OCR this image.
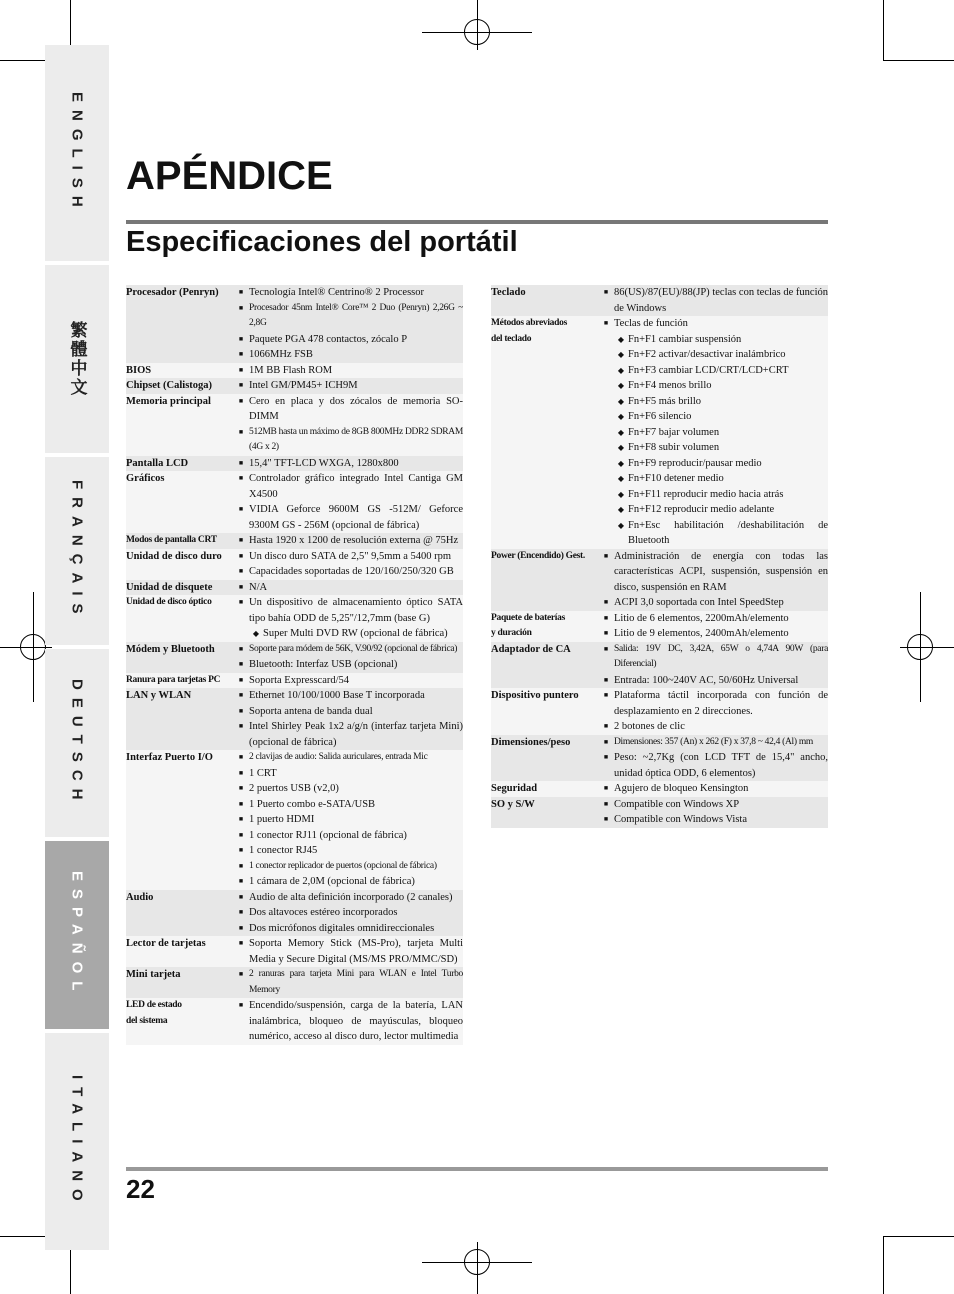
ENGLISH
繁體中文
FRANÇAIS
DEUTSCH
ESPAÑOL
ITALIANO
APÉNDICE
Especificaciones del portátil
Procesador (Penryn)	■ Tecnología Intel® Centrino® 2 Processor
■ Procesador 45nm Intel® Core™ 2 Duo (Penryn) 2,26G ~ 2,8G
■ Paquete PGA 478 contactos, zócalo P
■ 1066MHz FSB
BIOS	■ 1M BB Flash ROM
Chipset (Calistoga)	■ Intel GM/PM45+ ICH9M
Memoria principal	■ Cero en placa y dos zócalos de memoria SO-DIMM
■ 512MB hasta un máximo de 8GB 800MHz DDR2 SDRAM (4G x 2)
Pantalla LCD	■ 15,4" TFT-LCD WXGA, 1280x800
Gráficos	■ Controlador gráfico integrado Intel Cantiga GM X4500
■ VIDIA Geforce 9600M GS -512M/ Geforce 9300M GS - 256M (opcional de fábrica)
Modos de pantalla CRT	■ Hasta 1920 x 1200 de resolución externa @ 75Hz
Unidad de disco duro	■ Un disco duro SATA de 2,5" 9,5mm a 5400 rpm
■ Capacidades soportadas de 120/160/250/320 GB
Unidad de disquete	■ N/A
Unidad de disco óptico	■ Un dispositivo de almacenamiento óptico SATA tipo bahía ODD de 5,25"/12,7mm (base G)
◆ Super Multi DVD RW (opcional de fábrica)
Módem y Bluetooth	■ Soporte para módem de 56K, V.90/92 (opcional de fábrica)
■ Bluetooth: Interfaz USB (opcional)
Ranura para tarjetas PC	■ Soporta Expresscard/54
LAN y WLAN	■ Ethernet 10/100/1000 Base T incorporada
■ Soporta antena de banda dual
■ Intel Shirley Peak 1x2 a/g/n (interfaz tarjeta Mini) (opcional de fábrica)
Interfaz Puerto I/O	■ 2 clavijas de audio: Salida auriculares, entrada Mic
■ 1 CRT
■ 2 puertos USB (v2,0)
■ 1 Puerto combo e-SATA/USB
■ 1 puerto HDMI
■ 1 conector RJ11 (opcional de fábrica)
■ 1 conector RJ45
■ 1 conector replicador de puertos (opcional de fábrica)
■ 1 cámara de 2,0M (opcional de fábrica)
Audio	■ Audio de alta definición incorporado (2 canales)
■ Dos altavoces estéreo incorporados
■ Dos micrófonos digitales omnidireccionales
Lector de tarjetas	■ Soporta Memory Stick (MS-Pro), tarjeta Multi Media y Secure Digital (MS/MS PRO/MMC/SD)
Mini tarjeta	■ 2 ranuras para tarjeta Mini para WLAN e Intel Turbo Memory
LED de estado
del sistema
■ Encendido/suspensión, carga de la batería, LAN inalámbrica, bloqueo de mayúsculas, bloqueo numérico, acceso al disco duro, lector multimedia
Teclado	■ 86(US)/87(EU)/88(JP) teclas con teclas de función de Windows
Métodos abreviados
del teclado
■ Teclas de función
◆ Fn+F1 cambiar suspensión
◆ Fn+F2 activar/desactivar inalámbrico
◆ Fn+F3 cambiar LCD/CRT/LCD+CRT
◆ Fn+F4 menos brillo
◆ Fn+F5 más brillo
◆ Fn+F6 silencio
◆ Fn+F7 bajar volumen
◆ Fn+F8 subir volumen
◆ Fn+F9 reproducir/pausar medio
◆ Fn+F10 detener medio
◆ Fn+F11 reproducir medio hacia atrás
◆ Fn+F12 reproducir medio adelante
◆ Fn+Esc habilitación /deshabilitación de Bluetooth
Power (Encendido) Gest.	■ Administración de energía con todas las características ACPI, suspensión, suspensión en disco, suspensión en RAM
■ ACPI 3,0 soportada con Intel SpeedStep
Paquete de baterías
y duración
■ Litio de 6 elementos, 2200mAh/elemento
■ Litio de 9 elementos, 2400mAh/elemento
Adaptador de CA	■ Salida: 19V DC, 3,42A, 65W o 4,74A 90W (para Diferencial)
■ Entrada: 100~240V AC, 50/60Hz Universal
Dispositivo puntero	■ Plataforma táctil incorporada con función de desplazamiento en 2 direcciones.
■ 2 botones de clic
Dimensiones/peso	■ Dimensiones: 357 (An) x 262 (F) x 37,8 ~ 42,4 (Al) mm
■ Peso: ~2,7Kg (con LCD TFT de 15,4" ancho, unidad óptica ODD, 6 elementos)
Seguridad	■ Agujero de bloqueo Kensington
SO y S/W	■ Compatible con Windows XP
■ Compatible con Windows Vista
22
